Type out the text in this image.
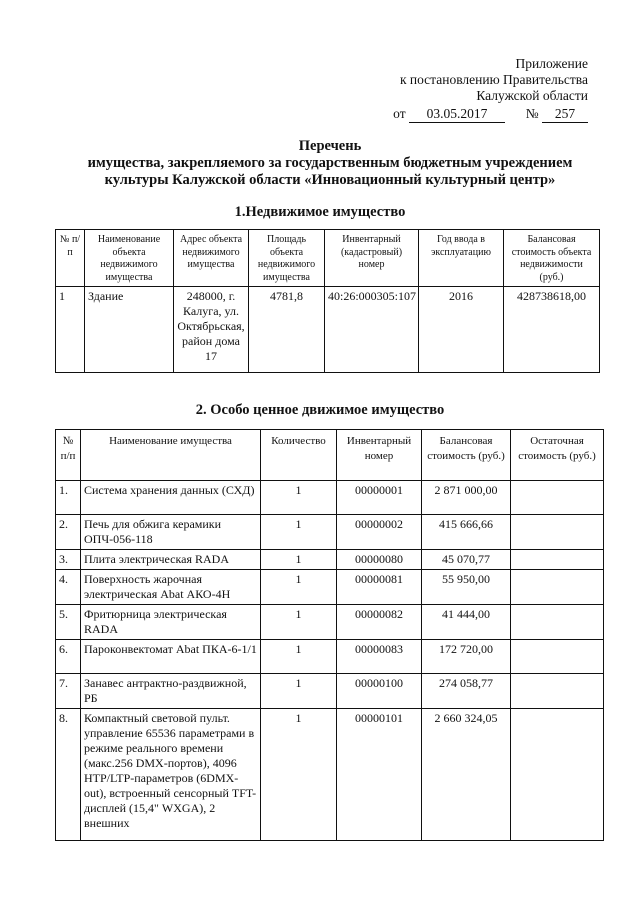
Приложение
к постановлению Правительства
Калужской области
от 03.05.2017	№ 257
Перечень
имущества, закрепляемого за государственным бюджетным учреждением
культуры Калужской области «Инновационный культурный центр»
1.Недвижимое имущество
№ п/п	Наименование объекта недвижимого имущества	Адрес объекта недвижимого имущества	Площадь объекта недвижимого имущества	Инвентарный (кадастровый) номер	Год ввода в эксплуатацию	Балансовая стоимость объекта недвижимости (руб.)
1	Здание	248000, г. Калуга, ул. Октябрьская, район дома 17	4781,8	40:26:000305:107	2016	428738618,00
2. Особо ценное движимое имущество
№ п/п	Наименование имущества	Количество	Инвентарный номер	Балансовая стоимость (руб.)	Остаточная стоимость (руб.)
1.	Система хранения данных (СХД)	1	00000001	2 871 000,00	
2.	Печь для обжига керамики ОПЧ-056-118	1	00000002	415 666,66	
3.	Плита электрическая RADA	1	00000080	45 070,77	
4.	Поверхность жарочная электрическая Abat АКО-4Н	1	00000081	55 950,00	
5.	Фритюрница электрическая RADA	1	00000082	41 444,00	
6.	Пароконвектомат Abat ПКА-6-1/1	1	00000083	172 720,00	
7.	Занавес антрактно-раздвижной, РБ	1	00000100	274 058,77	
8.	Компактный световой пульт. управление 65536 параметрами в режиме реального времени (макс.256 DMX-портов), 4096 HTP/LTP-параметров (6DMX-out), встроенный сенсорный TFT-дисплей (15,4" WXGA), 2 внешних	1	00000101	2 660 324,05	
